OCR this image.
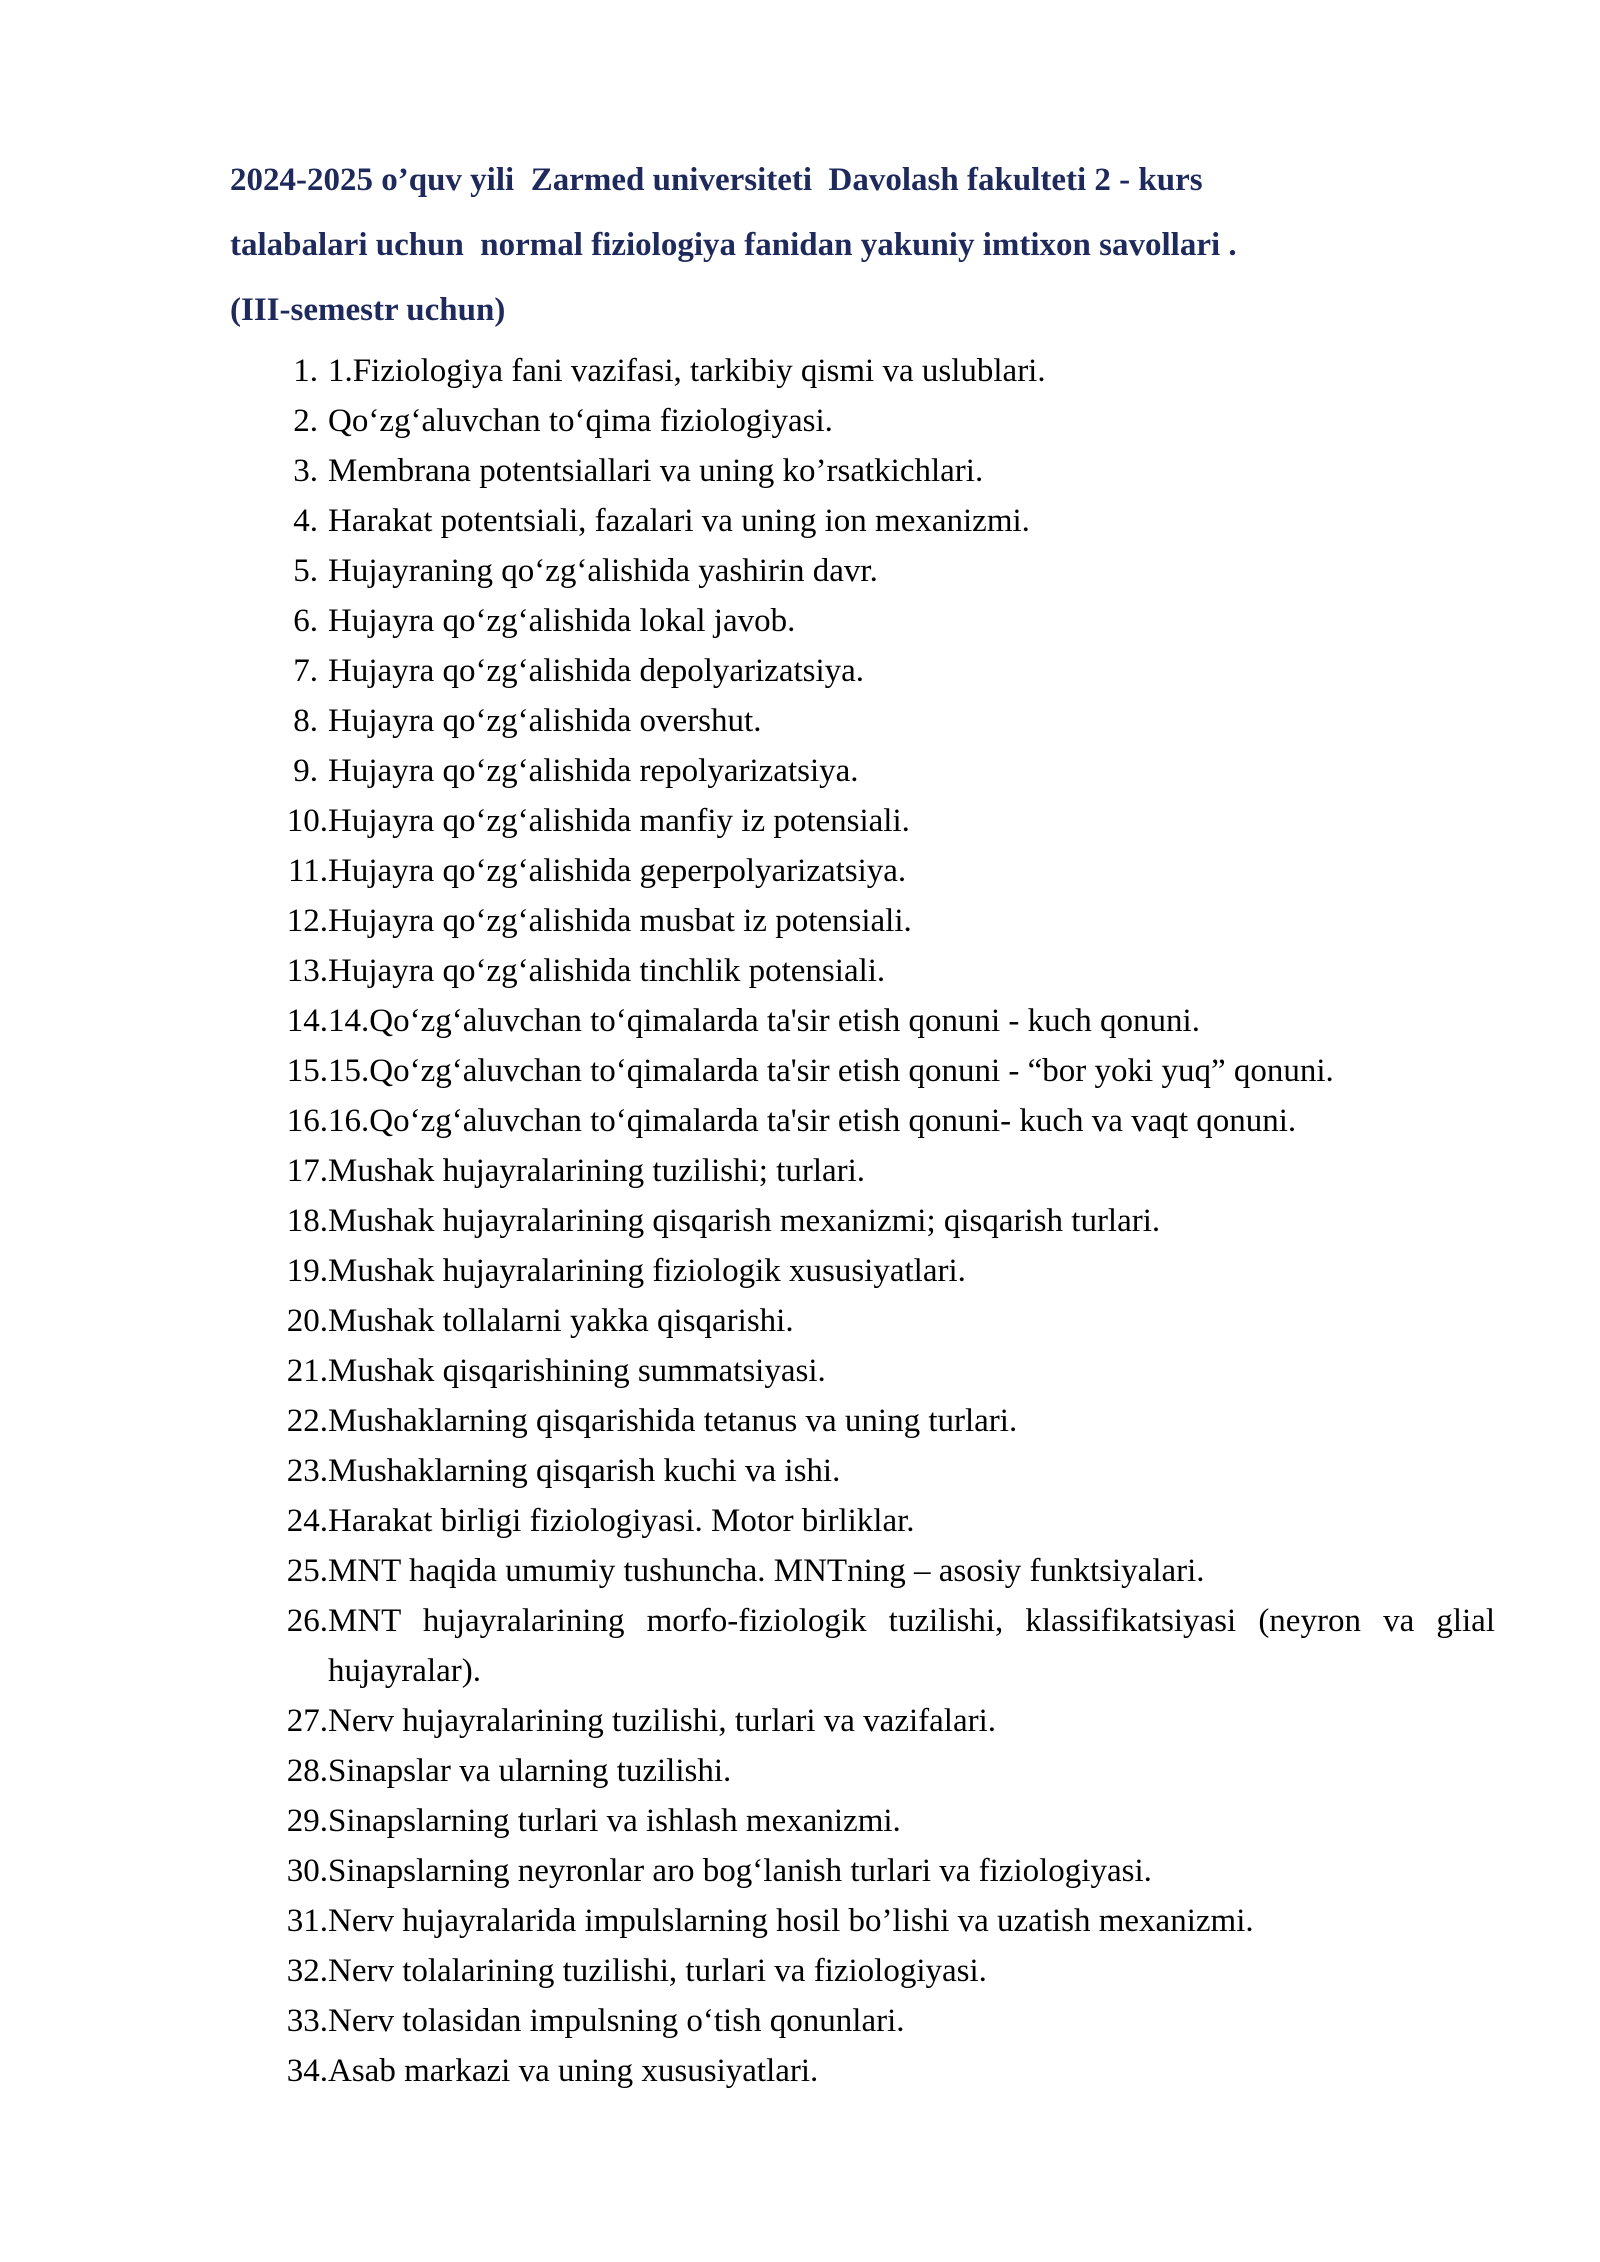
2024-2025 o’quv yili  Zarmed universiteti  Davolash fakulteti 2 - kurs
talabalari uchun  normal fiziologiya fanidan yakuniy imtixon savollari .
(III-semestr uchun)
1. 1.Fiziologiya fani vazifasi, tarkibiy qismi va uslublari.
2. Qo‘zg‘aluvchan to‘qima fiziologiyasi.
3. Membrana potentsiallari va uning ko’rsatkichlari.
4. Harakat potentsiali, fazalari va uning ion mexanizmi.
5. Hujayraning qo‘zg‘alishida yashirin davr.
6. Hujayra qo‘zg‘alishida lokal javob.
7. Hujayra qo‘zg‘alishida depolyarizatsiya.
8. Hujayra qo‘zg‘alishida overshut.
9. Hujayra qo‘zg‘alishida repolyarizatsiya.
10. Hujayra qo‘zg‘alishida manfiy iz potensiali.
11. Hujayra qo‘zg‘alishida geperpolyarizatsiya.
12. Hujayra qo‘zg‘alishida musbat iz potensiali.
13. Hujayra qo‘zg‘alishida tinchlik potensiali.
14. 14.Qo‘zg‘aluvchan to‘qimalarda ta'sir etish qonuni - kuch qonuni.
15. 15.Qo‘zg‘aluvchan to‘qimalarda ta'sir etish qonuni - “bor yoki yuq” qonuni.
16. 16.Qo‘zg‘aluvchan to‘qimalarda ta'sir etish qonuni- kuch va vaqt qonuni.
17. Mushak hujayralarining tuzilishi; turlari.
18. Mushak hujayralarining qisqarish mexanizmi; qisqarish turlari.
19. Mushak hujayralarining fiziologik xususiyatlari.
20. Mushak tollalarni yakka qisqarishi.
21. Mushak qisqarishining summatsiyasi.
22. Mushaklarning qisqarishida tetanus va uning turlari.
23. Mushaklarning qisqarish kuchi va ishi.
24. Harakat birligi fiziologiyasi. Motor birliklar.
25. MNT haqida umumiy tushuncha. MNTning – asosiy funktsiyalari.
26. MNT hujayralarining morfo-fiziologik tuzilishi, klassifikatsiyasi (neyron va glial hujayralar).
27. Nerv hujayralarining tuzilishi, turlari va vazifalari.
28. Sinapslar va ularning tuzilishi.
29. Sinapslarning turlari va ishlash mexanizmi.
30. Sinapslarning neyronlar aro bog‘lanish turlari va fiziologiyasi.
31. Nerv hujayralarida impulslarning hosil bo’lishi va uzatish mexanizmi.
32. Nerv tolalarining tuzilishi, turlari va fiziologiyasi.
33. Nerv tolasidan impulsning o‘tish qonunlari.
34. Asab markazi va uning xususiyatlari.
